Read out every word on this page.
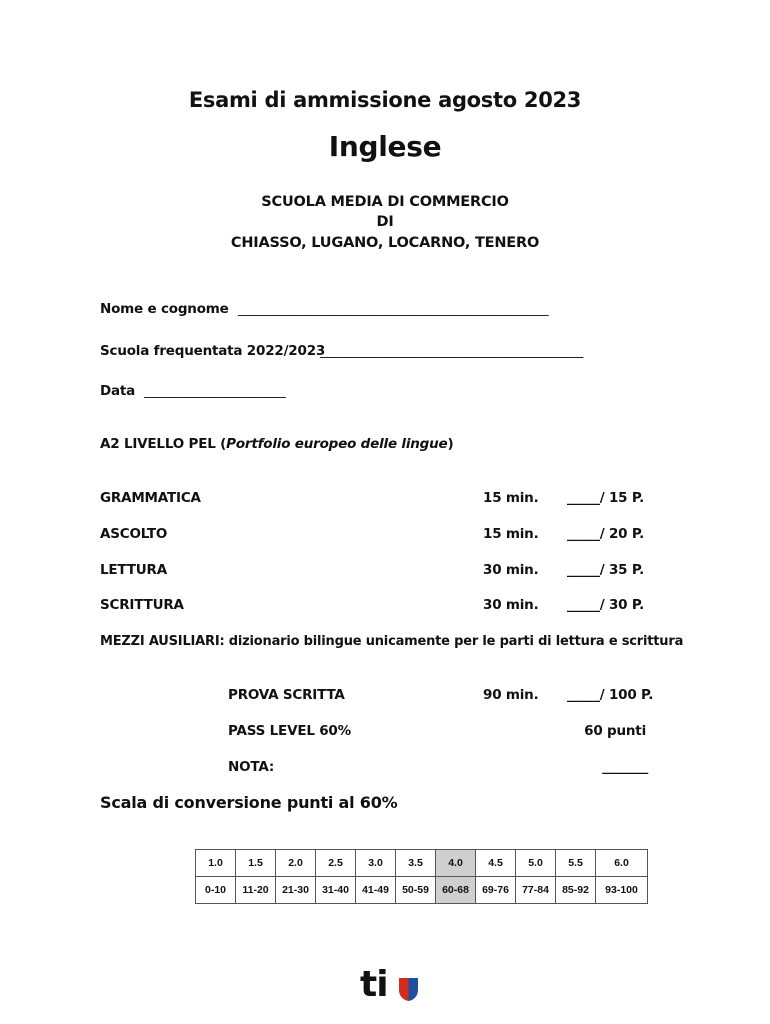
Esami di ammissione agosto 2023
Inglese
SCUOLA MEDIA DI COMMERCIO
DI
CHIASSO, LUGANO, LOCARNO, TENERO
Nome e cognome ______________________________________________
Scuola frequentata 2022/2023
_______________________________________
Data _____________________
A2 LIVELLO PEL (Portfolio europeo delle lingue)
GRAMMATICA	15 min. _____/ 15 P.
ASCOLTO	15 min. _____/ 20 P.
LETTURA	30 min. _____/ 35 P.
SCRITTURA	30 min. _____/ 30 P.
MEZZI AUSILIARI: dizionario bilingue unicamente per le parti di lettura e scrittura
PROVA SCRITTA	90 min. _____/ 100 P.
PASS LEVEL 60%	60 punti
NOTA:	_______
Scala di conversione punti al 60%
1.0	1.5	2.0	2.5	3.0	3.5	4.0	4.5	5.0	5.5	6.0
0-10	11-20	21-30	31-40	41-49	50-59	60-68	69-76	77-84	85-92	93-100
ti
